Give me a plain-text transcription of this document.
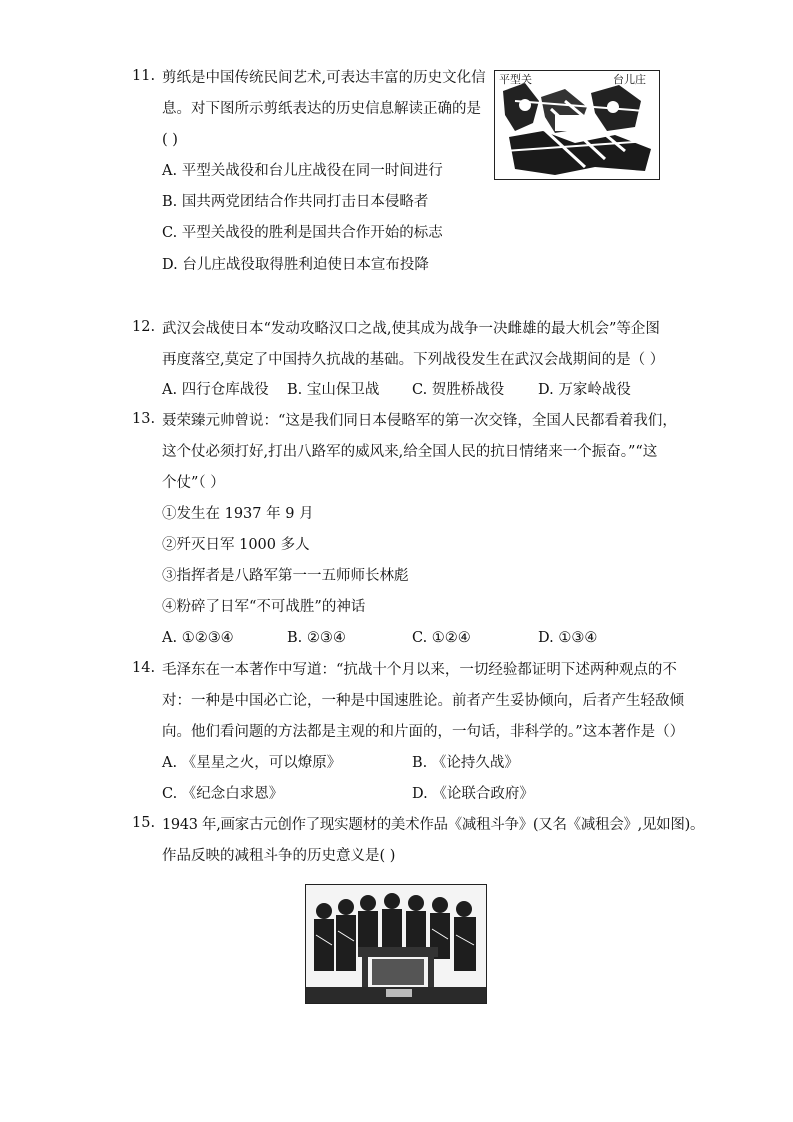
11. 剪纸是中国传统民间艺术,可表达丰富的历史文化信
息。对下图所示剪纸表达的历史信息解读正确的是
( )
A. 平型关战役和台儿庄战役在同一时间进行
B. 国共两党团结合作共同打击日本侵略者
C. 平型关战役的胜利是国共合作开始的标志
D. 台儿庄战役取得胜利迫使日本宣布投降
平型关	台儿庄
12. 武汉会战使日本“发动攻略汉口之战,使其成为战争一决雌雄的最大机会”等企图
再度落空,莫定了中国持久抗战的基础。下列战役发生在武汉会战期间的是（ ）
A. 四行仓库战役 B. 宝山保卫战 C. 贺胜桥战役 D. 万家岭战役
13. 聂荣臻元帅曾说：“这是我们同日本侵略军的第一次交锋，全国人民都看着我们，
这个仗必须打好,打出八路军的威风来,给全国人民的抗日情绪来一个振奋。”“这
个仗”（ ）
①发生在 1937 年 9 月
②歼灭日军 1000 多人
③指挥者是八路军第一一五师师长林彪
④粉碎了日军“不可战胜”的神话
A. ①②③④	B. ②③④	C. ①②④	D. ①③④
14. 毛泽东在一本著作中写道：“抗战十个月以来，一切经验都证明下述两种观点的不
对：一种是中国必亡论，一种是中国速胜论。前者产生妥协倾向，后者产生轻敌倾
向。他们看问题的方法都是主观的和片面的，一句话，非科学的。”这本著作是（）
A. 《星星之火，可以燎原》	B. 《论持久战》
C. 《纪念白求恩》	D. 《论联合政府》
15. 1943 年,画家古元创作了现实题材的美术作品《减租斗争》(又名《减租会》,见如图)。
作品反映的减租斗争的历史意义是( )
